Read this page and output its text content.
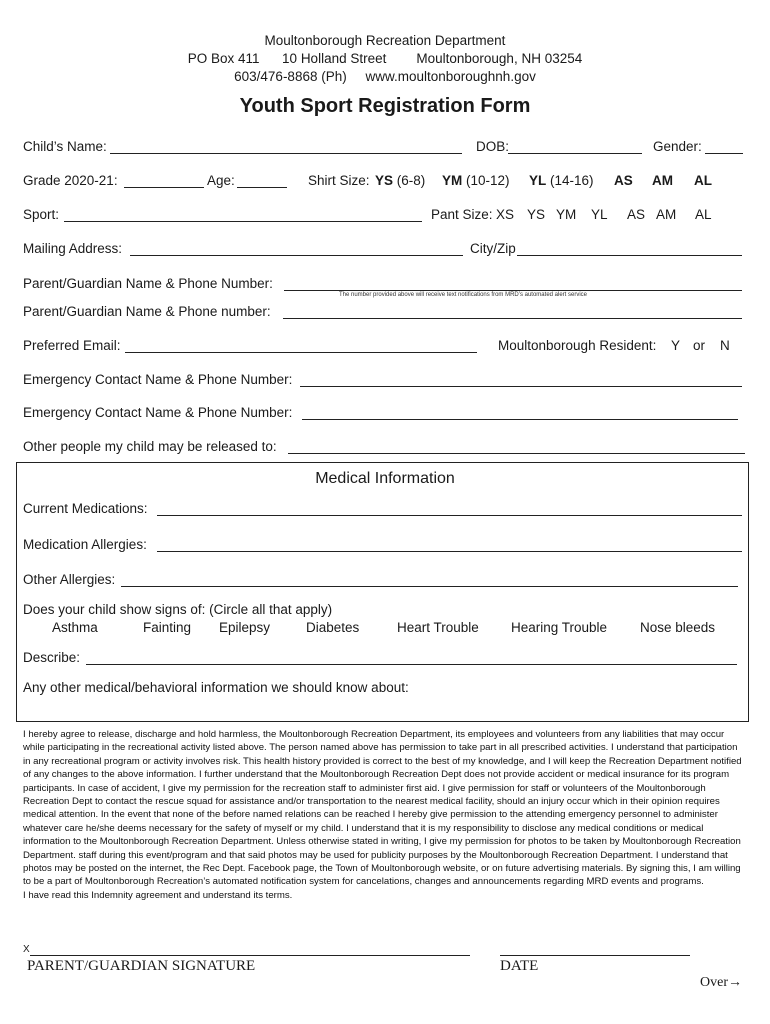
Moultonborough Recreation Department
PO Box 411      10 Holland Street        Moultonborough, NH 03254
603/476-8868 (Ph)     www.moultonboroughnh.gov
Youth Sport Registration Form
Child’s Name:	DOB:	Gender:
Grade 2020-21:	Age:	Shirt Size: YS (6-8) YM (10-12) YL (14-16) AS AM AL
Sport:	Pant Size: XS YS YM YL AS AM AL
Mailing Address:	City/Zip
Parent/Guardian Name & Phone Number:
The number provided above will receive text notifications from MRD’s automated alert service
Parent/Guardian Name & Phone number:
Preferred Email:	Moultonborough Resident: Y or N
Emergency Contact Name & Phone Number:
Emergency Contact Name & Phone Number:
Other people my child may be released to:
Medical Information
Current Medications:
Medication Allergies:
Other Allergies:
Does your child show signs of: (Circle all that apply)
Asthma	Fainting Epilepsy	Diabetes	Heart Trouble Hearing Trouble Nose bleeds
Describe:
Any other medical/behavioral information we should know about:
I hereby agree to release, discharge and hold harmless, the Moultonborough Recreation Department, its employees and volunteers from any liabilities that may occur while participating in the recreational activity listed above. The person named above has permission to take part in all prescribed activities. I understand that participation in any recreational program or activity involves risk. This health history provided is correct to the best of my knowledge, and I will keep the Recreation Department notified of any changes to the above information. I further understand that the Moultonborough Recreation Dept does not provide accident or medical insurance for its program participants. In case of accident, I give my permission for the recreation staff to administer first aid. I give permission for staff or volunteers of the Moultonborough Recreation Dept to contact the rescue squad for assistance and/or transportation to the nearest medical facility, should an injury occur which in their opinion requires medical attention. In the event that none of the before named relations can be reached I hereby give permission to the attending emergency personnel to administer whatever care he/she deems necessary for the safety of myself or my child. I understand that it is my responsibility to disclose any medical conditions or medical information to the Moultonborough Recreation Department. Unless otherwise stated in writing, I give my permission for photos to be taken by Moultonborough Recreation Department. staff during this event/program and that said photos may be used for publicity purposes by the Moultonborough Recreation Department. I understand that photos may be posted on the internet, the Rec Dept. Facebook page, the Town of Moultonborough website, or on future advertising materials. By signing this, I am willing to be a part of Moultonborough Recreation’s automated notification system for cancelations, changes and announcements regarding MRD events and programs.
I have read this Indemnity agreement and understand its terms.
X
PARENT/GUARDIAN SIGNATURE	DATE
Over→
